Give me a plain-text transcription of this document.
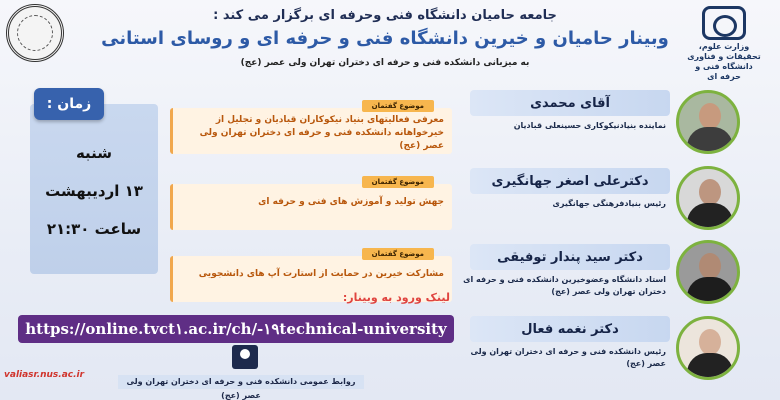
جامعه حامیان دانشگاه فنی وحرفه ای برگزار می کند :
وبینار حامیان و خیرین دانشگاه فنی و حرفه ای و روسای استانی
به میزبانی دانشکده فنی و حرفه ای دختران تهران ولی عصر (عج)
وزارت علوم، تحقیقات و فناوری
دانشگاه فنی و حرفه ای
شنبه
۱۳ اردیبهشت
ساعت ۲۱:۳۰
زمان :	موضوع گفتمان
معرفی فعالیتهای بنیاد نیکوکاران قبادیان و تجلیل از خیرخواهانه دانشکده فنی و حرفه ای دختران تهران ولی عصر (عج)
موضوع گفتمان
جهش تولید و آموزش های فنی و حرفه ای
موضوع گفتمان
مشارکت خیرین در حمایت از استارت آپ های دانشجویی
آقای محمدی
نماینده بنیادنیکوکاری حسینعلی قبادیان
دکترعلی اصغر جهانگیری
رئیس بنیادفرهنگی جهانگیری
دکتر سید پندار توفیقی
استاد دانشگاه وعضوخیرین دانشکده فنی و حرفه ای دختران تهران ولی عصر (عج)
دکتر نغمه فعال
رئیس دانشکده فنی و حرفه ای دختران تهران ولی عصر (عج)
لینک ورود به وبینار:
https://online.tvct۱.ac.ir/ch/-۱۹technical-university
روابط عمومی دانشکده فنی و حرفه ای دختران تهران ولی عصر (عج)
valiasr.nus.ac.ir
